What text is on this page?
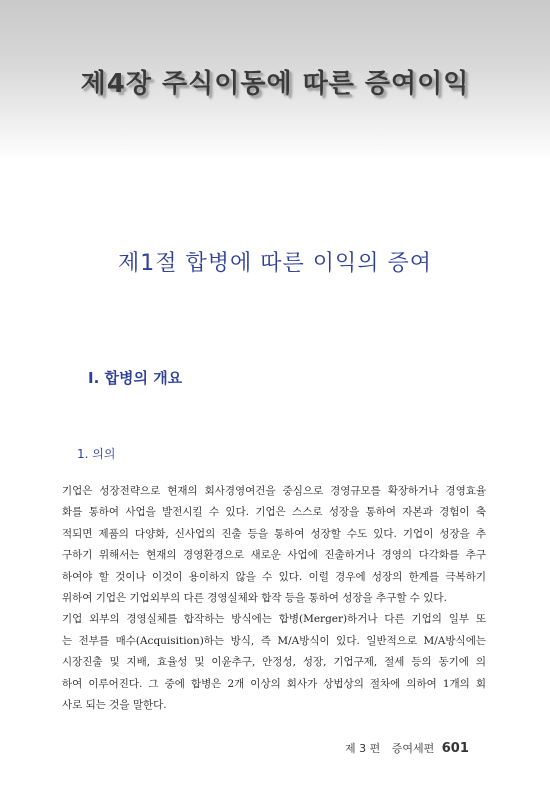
제4장 주식이동에 따른 증여이익
제1절 합병에 따른 이익의 증여
Ⅰ. 합병의 개요
1. 의의
기업은 성장전략으로 현재의 회사경영여건을 중심으로 경영규모를 확장하거나 경영효율
화를 통하여 사업을 발전시킬 수 있다. 기업은 스스로 성장을 통하여 자본과 경험이 축
적되면 제품의 다양화, 신사업의 진출 등을 통하여 성장할 수도 있다. 기업이 성장을 추
구하기 위해서는 현재의 경영환경으로 새로운 사업에 진출하거나 경영의 다각화를 추구
하여야 할 것이나 이것이 용이하지 않을 수 있다. 이럴 경우에 성장의 한계를 극복하기
위하여 기업은 기업외부의 다른 경영실체와 합작 등을 통하여 성장을 추구할 수 있다.
기업 외부의 경영실체를 합작하는 방식에는 합병(Merger)하거나 다른 기업의 일부 또
는 전부를 매수(Acquisition)하는 방식, 즉 M/A방식이 있다. 일반적으로 M/A방식에는
시장진출 및 지배, 효율성 및 이윤추구, 안정성, 성장, 기업구제, 절세 등의 동기에 의
하여 이루어진다. 그 중에 합병은 2개 이상의 회사가 상법상의 절차에 의하여 1개의 회
사로 되는 것을 말한다.
제 3 편 증여세편 601
